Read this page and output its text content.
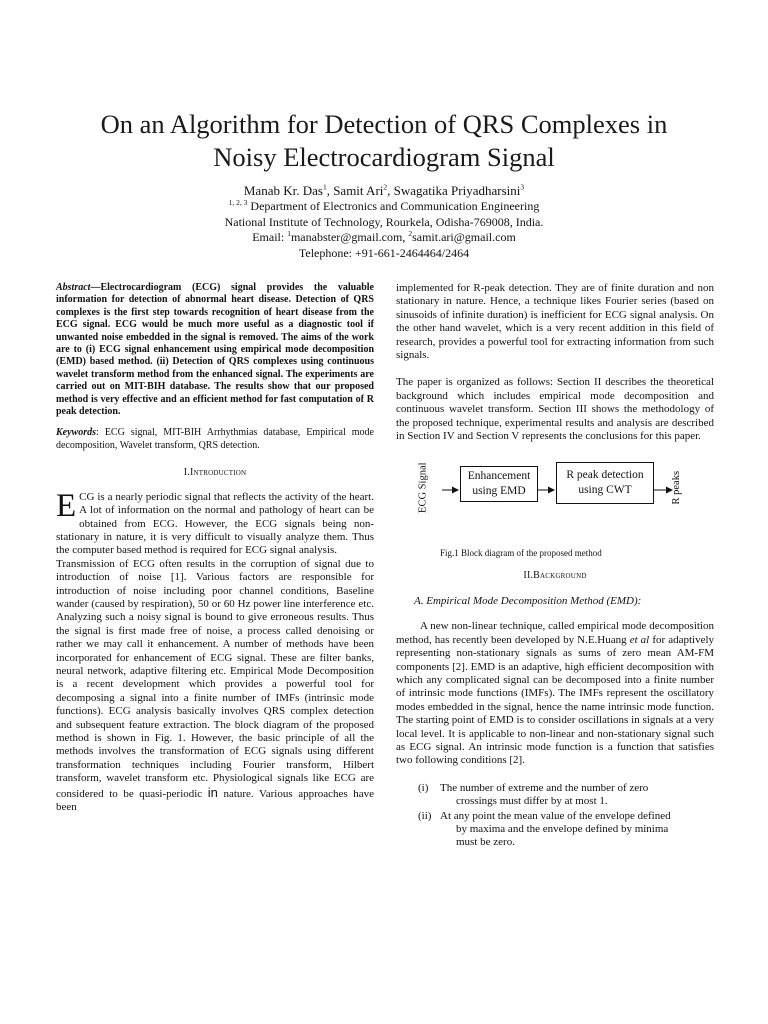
On an Algorithm for Detection of QRS Complexes in
Noisy Electrocardiogram Signal
Manab Kr. Das$^1$, Samit Ari$^2$, Swagatika Priyadharsini$^3$
$^{1, 2, 3}$ Department of Electronics and Communication Engineering
National Institute of Technology, Rourkela, Odisha-769008, India.
Email: $^1$manabster@gmail.com, $^2$samit.ari@gmail.com
Telephone: +91-661-2464464/2464

Abstract—Electrocardiogram (ECG) signal provides the valuable information for detection of abnormal heart disease. Detection of QRS complexes is the first step towards recognition of heart disease from the ECG signal. ECG would be much more useful as a diagnostic tool if unwanted noise embedded in the signal is removed. The aims of the work are to (i) ECG signal enhancement using empirical mode decomposition (EMD) based method. (ii) Detection of QRS complexes using continuous wavelet transform method from the enhanced signal. The experiments are carried out on MIT-BIH database. The results show that our proposed method is very effective and an efficient method for fast computation of R peak detection.

Keywords: ECG signal, MIT-BIH Arrhythmias database, Empirical mode decomposition, Wavelet transform, QRS detection.

I.Introduction

ECG is a nearly periodic signal that reflects the activity of the heart. A lot of information on the normal and pathology of heart can be obtained from ECG. However, the ECG signals being non-stationary in nature, it is very difficult to visually analyze them. Thus the computer based method is required for ECG signal analysis.

Transmission of ECG often results in the corruption of signal due to introduction of noise [1]. Various factors are responsible for introduction of noise including poor channel conditions, Baseline wander (caused by respiration), 50 or 60 Hz power line interference etc. Analyzing such a noisy signal is bound to give erroneous results. Thus the signal is first made free of noise, a process called denoising or rather we may call it enhancement. A number of methods have been incorporated for enhancement of ECG signal. These are filter banks, neural network, adaptive filtering etc. Empirical Mode Decomposition is a recent development which provides a powerful tool for decomposing a signal into a finite number of IMFs (intrinsic mode functions). ECG analysis basically involves QRS complex detection and subsequent feature extraction. The block diagram of the proposed method is shown in Fig. 1. However, the basic principle of all the methods involves the transformation of ECG signals using different transformation techniques including Fourier transform, Hilbert transform, wavelet transform etc. Physiological signals like ECG are considered to be quasi-periodic in nature. Various approaches have been

implemented for R-peak detection. They are of finite duration and non stationary in nature. Hence, a technique likes Fourier series (based on sinusoids of infinite duration) is inefficient for ECG signal analysis. On the other hand wavelet, which is a very recent addition in this field of research, provides a powerful tool for extracting information from such signals.

The paper is organized as follows: Section II describes the theoretical background which includes empirical mode decomposition and continuous wavelet transform. Section III shows the methodology of the proposed technique, experimental results and analysis are described in Section IV and Section V represents the conclusions for this paper.

ECG Signal	Enhancement
using EMD
R peak detection
using CWT	R peaks
Fig.1 Block diagram of the proposed method
II.Background
A. Empirical Mode Decomposition Method (EMD):

A new non-linear technique, called empirical mode decomposition method, has recently been developed by N.E.Huang et al for adaptively representing non-stationary signals as sums of zero mean AM-FM components [2]. EMD is an adaptive, high efficient decomposition with which any complicated signal can be decomposed into a finite number of intrinsic mode functions (IMFs). The IMFs represent the oscillatory modes embedded in the signal, hence the name intrinsic mode function. The starting point of EMD is to consider oscillations in signals at a very local level. It is applicable to non-linear and non-stationary signal such as ECG signal. An intrinsic mode function is a function that satisfies two following conditions [2].

(i) The number of extreme and the number of zero
crossings must differ by at most 1.
(ii) At any point the mean value of the envelope defined
by maxima and the envelope defined by minima
must be zero.
